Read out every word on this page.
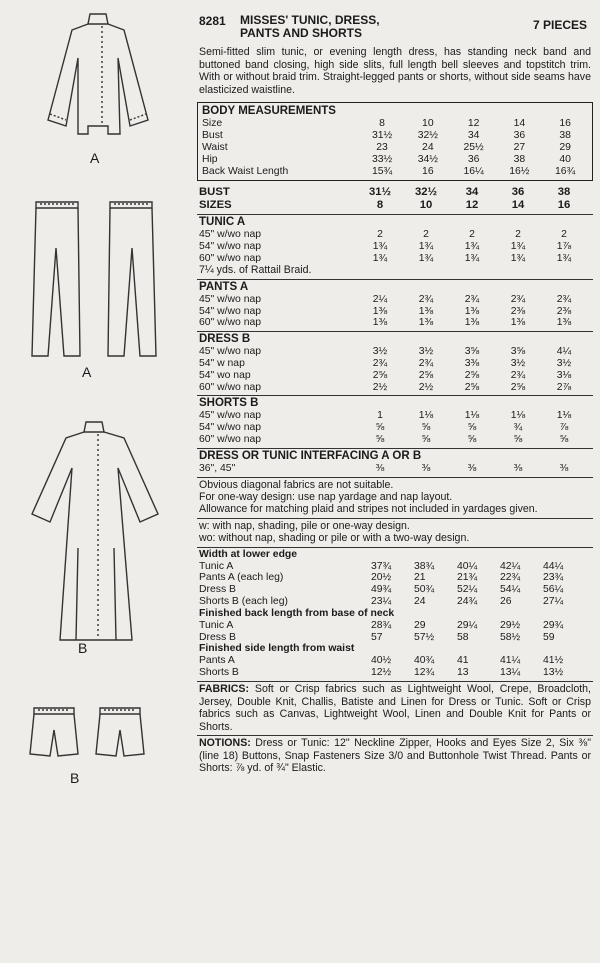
A
A
B
B
8281 MISSES' TUNIC, DRESS,
PANTS AND SHORTS
7 PIECES
Semi-fitted slim tunic, or evening length dress, has standing neck band and buttoned band closing, high side slits, full length bell sleeves and topstitch trim. With or without braid trim. Straight-legged pants or shorts, without side seams have elasticized waistline.
BODY MEASUREMENTS
Size	8	10	12	14	16
Bust	31½	32½	34	36	38
Waist	23	24	25½	27	29
Hip	33½	34½	36	38	40
Back Waist Length	15¾	16	16¼	16½	16¾
BUST	31½	32½	34	36	38
SIZES	8	10	12	14	16
TUNIC A
45" w/wo nap	2	2	2	2	2
54" w/wo nap	1¾	1¾	1¾	1¾	1⅞
60" w/wo nap	1¾	1¾	1¾	1¾	1¾
7¼ yds. of Rattail Braid.
PANTS A
45" w/wo nap	2¼	2¾	2¾	2¾	2¾
54" w/wo nap	1⅜	1⅜	1⅜	2⅜	2⅜
60" w/wo nap	1⅜	1⅜	1⅜	1⅜	1⅜
DRESS B
45" w/wo nap	3½	3½	3⅝	3⅝	4¼
54" w nap	2¾	2¾	3⅜	3½	3½
54" wo nap	2⅝	2⅝	2⅝	2¾	3⅛
60" w/wo nap	2½	2½	2⅝	2⅝	2⅞
SHORTS B
45" w/wo nap	1	1⅛	1⅛	1⅛	1⅛
54" w/wo nap	⅝	⅝	⅝	¾	⅞
60" w/wo nap	⅝	⅝	⅝	⅝	⅝
DRESS OR TUNIC INTERFACING A OR B
36", 45"	⅜	⅜	⅜	⅜	⅜
Obvious diagonal fabrics are not suitable.
For one-way design: use nap yardage and nap layout.
Allowance for matching plaid and stripes not included in yardages given.
w: with nap, shading, pile or one-way design.
wo: without nap, shading or pile or with a two-way design.
Width at lower edge
Tunic A	37¾	38¾	40¼	42¼	44¼
Pants A (each leg)	20½	21	21¾	22¾	23¾
Dress B	49¾	50¾	52¼	54¼	56¼
Shorts B (each leg)	23¼	24	24¾	26	27¼
Finished back length from base of neck
Tunic A	28¾	29	29¼	29½	29¾
Dress B	57	57½	58	58½	59
Finished side length from waist
Pants A	40½	40¾	41	41¼	41½
Shorts B	12½	12¾	13	13¼	13½
FABRICS: Soft or Crisp fabrics such as Lightweight Wool, Crepe, Broadcloth, Jersey, Double Knit, Challis, Batiste and Linen for Dress or Tunic. Soft or Crisp fabrics such as Canvas, Lightweight Wool, Linen and Double Knit for Pants or Shorts.
NOTIONS: Dress or Tunic: 12" Neckline Zipper, Hooks and Eyes Size 2, Six ⅜" (line 18) Buttons, Snap Fasteners Size 3/0 and Buttonhole Twist Thread. Pants or Shorts: ⅞ yd. of ¾" Elastic.
